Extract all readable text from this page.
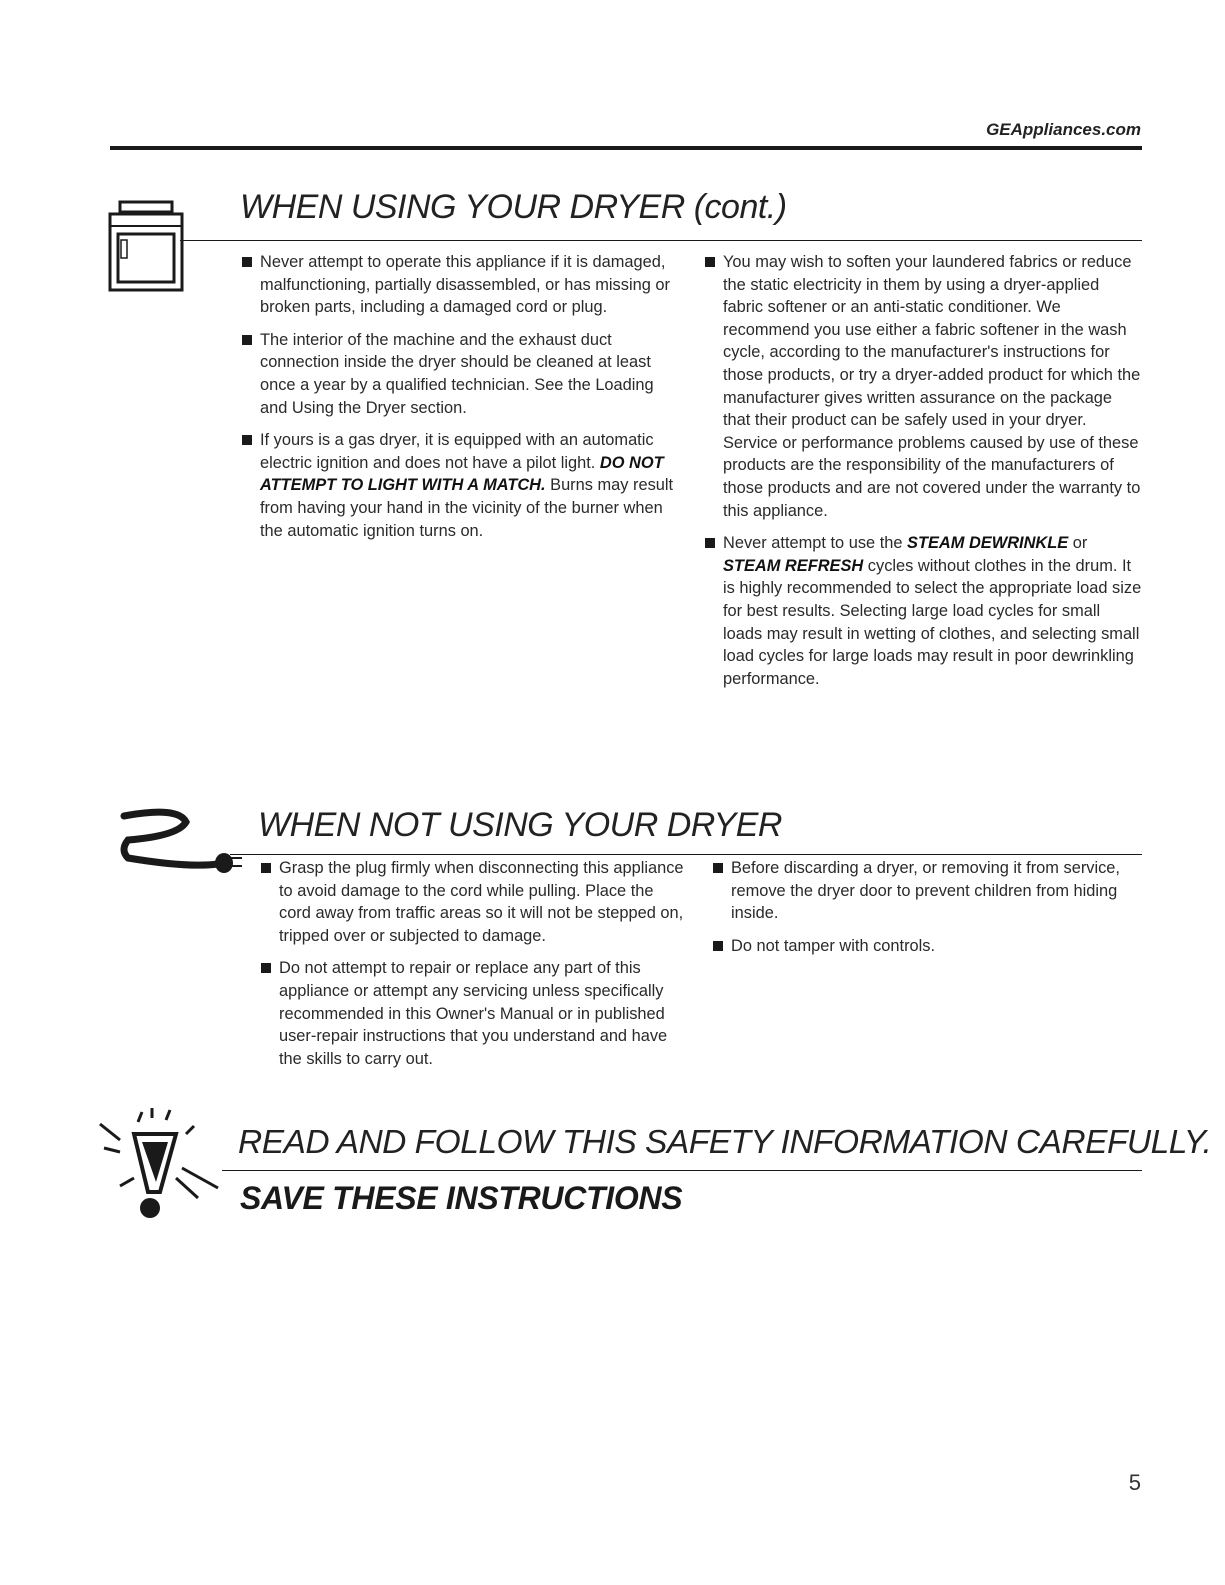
GEAppliances.com
WHEN USING YOUR DRYER (cont.)

Never attempt to operate this appliance if it is damaged, malfunctioning, partially disassembled, or has missing or broken parts, including a damaged cord or plug.

The interior of the machine and the exhaust duct connection inside the dryer should be cleaned at least once a year by a qualified technician. See the Loading and Using the Dryer section.

If yours is a gas dryer, it is equipped with an automatic electric ignition and does not have a pilot light. DO NOT ATTEMPT TO LIGHT WITH A MATCH. Burns may result from having your hand in the vicinity of the burner when the automatic ignition turns on.

You may wish to soften your laundered fabrics or reduce the static electricity in them by using a dryer-applied fabric softener or an anti-static conditioner. We recommend you use either a fabric softener in the wash cycle, according to the manufacturer's instructions for those products, or try a dryer-added product for which the manufacturer gives written assurance on the package that their product can be safely used in your dryer. Service or performance problems caused by use of these products are the responsibility of the manufacturers of those products and are not covered under the warranty to this appliance.

Never attempt to use the STEAM DEWRINKLE or STEAM REFRESH cycles without clothes in the drum. It is highly recommended to select the appropriate load size for best results. Selecting large load cycles for small loads may result in wetting of clothes, and selecting small load cycles for large loads may result in poor dewrinkling performance.

WHEN NOT USING YOUR DRYER

Grasp the plug firmly when disconnecting this appliance to avoid damage to the cord while pulling. Place the cord away from traffic areas so it will not be stepped on, tripped over or subjected to damage.

Do not attempt to repair or replace any part of this appliance or attempt any servicing unless specifically recommended in this Owner's Manual or in published user-repair instructions that you understand and have the skills to carry out.

Before discarding a dryer, or removing it from service, remove the dryer door to prevent children from hiding inside.

Do not tamper with controls.

READ AND FOLLOW THIS SAFETY INFORMATION CAREFULLY.
SAVE THESE INSTRUCTIONS
5
